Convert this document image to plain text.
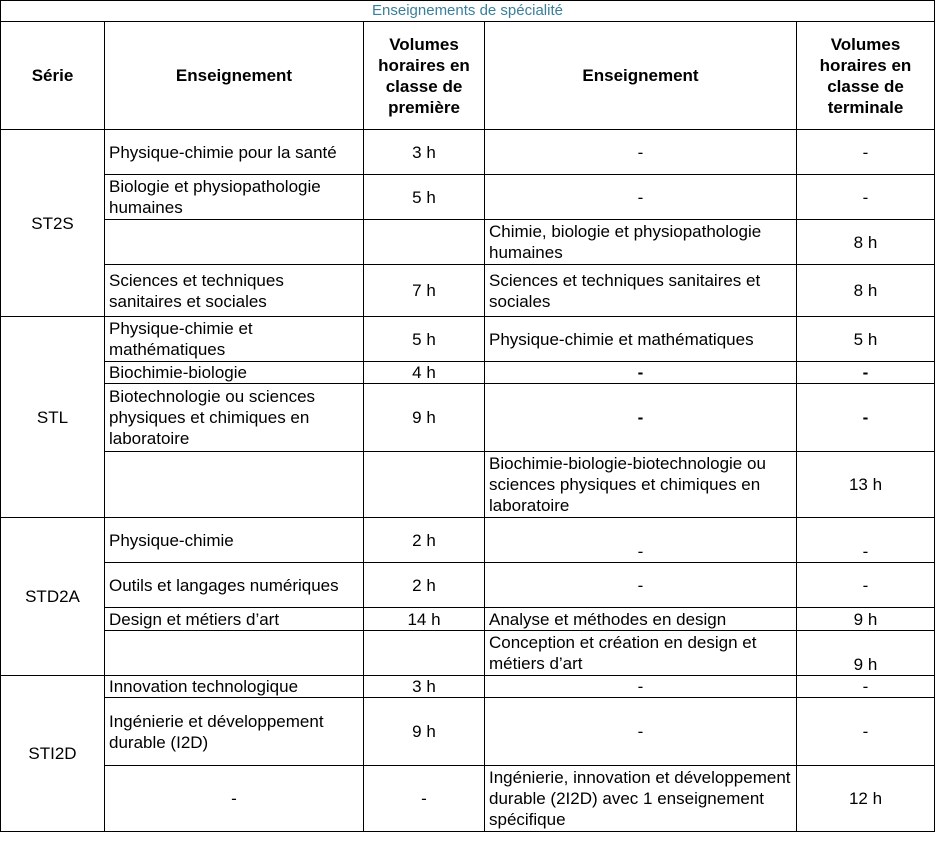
Enseignements de spécialité				
Série	Enseignement	Volumes horaires en classe de première	Enseignement	Volumes horaires en classe de terminale
ST2S	Physique-chimie pour la santé	3 h	-	-
	Biologie et physiopathologie humaines	5 h	-	-
			Chimie, biologie et physiopathologie humaines	8 h
	Sciences et techniques sanitaires et sociales	7 h	Sciences et techniques sanitaires et sociales	8 h
STL	Physique-chimie et mathématiques	5 h	Physique-chimie et mathématiques	5 h
	Biochimie-biologie	4 h	-	-
	Biotechnologie ou sciences physiques et chimiques en laboratoire	9 h	-	-
			Biochimie-biologie-biotechnologie ou sciences physiques et chimiques en laboratoire	13 h
STD2A	Physique-chimie	2 h	-	-
	Outils et langages numériques	2 h	-	-
	Design et métiers d’art	14 h	Analyse et méthodes en design	9 h
			Conception et création en design et métiers d’art	9 h
STI2D	Innovation technologique	3 h	-	-
	Ingénierie et développement durable (I2D)	9 h	-	-
	-	-	Ingénierie, innovation et développement durable (2I2D) avec 1 enseignement spécifique	12 h
